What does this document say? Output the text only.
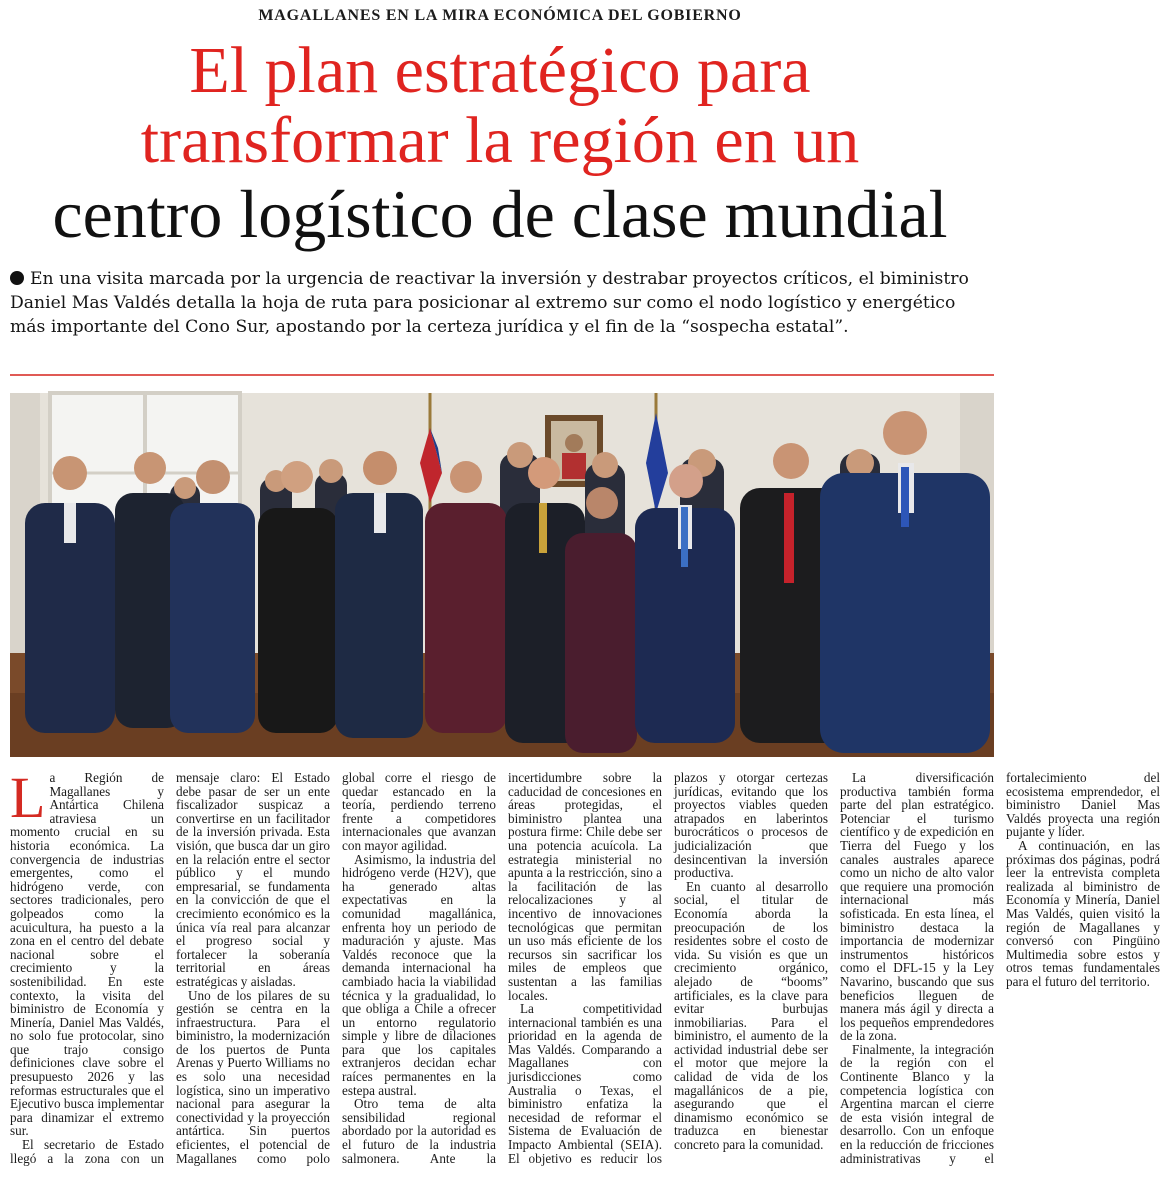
MAGALLANES EN LA MIRA ECONÓMICA DEL GOBIERNO
El plan estratégico para
transformar la región en un
centro logístico de clase mundial
En una visita marcada por la urgencia de reactivar la inversión y destrabar proyectos críticos, el biministro Daniel Mas Valdés detalla la hoja de ruta para posicionar al extremo sur como el nodo logístico y energético más importante del Cono Sur, apostando por la certeza jurídica y el fin de la “sospecha estatal”.

La Región de Magallanes y Antártica Chilena atraviesa un momento crucial en su historia económica. La convergencia de industrias emergentes, como el hidrógeno verde, con sectores tradicionales, pero golpeados como la acuicultura, ha puesto a la zona en el centro del debate nacional sobre el crecimiento y la sostenibilidad. En este contexto, la visita del biministro de Economía y Minería, Daniel Mas Valdés, no solo fue protocolar, sino que trajo consigo definiciones clave sobre el presupuesto 2026 y las reformas estructurales que el Ejecutivo busca implementar para dinamizar el extremo sur.

El secretario de Estado llegó a la zona con un mensaje claro: El Estado debe pasar de ser un ente fiscalizador suspicaz a convertirse en un facilitador de la inversión privada. Esta visión, que busca dar un giro en la relación entre el sector público y el mundo empresarial, se fundamenta en la convicción de que el crecimiento económico es la única vía real para alcanzar el progreso social y fortalecer la soberanía territorial en áreas estratégicas y aisladas.

Uno de los pilares de su gestión se centra en la infraestructura. Para el biministro, la modernización de los puertos de Punta Arenas y Puerto Williams no es solo una necesidad logística, sino un imperativo nacional para asegurar la conectividad y la proyección antártica. Sin puertos eficientes, el potencial de Magallanes como polo global corre el riesgo de quedar estancado en la teoría, perdiendo terreno frente a competidores internacionales que avanzan con mayor agilidad.

Asimismo, la industria del hidrógeno verde (H2V), que ha generado altas expectativas en la comunidad magallánica, enfrenta hoy un periodo de maduración y ajuste. Mas Valdés reconoce que la demanda internacional ha cambiado hacia la viabilidad técnica y la gradualidad, lo que obliga a Chile a ofrecer un entorno regulatorio simple y libre de dilaciones para que los capitales extranjeros decidan echar raíces permanentes en la estepa austral.

Otro tema de alta sensibilidad regional abordado por la autoridad es el futuro de la industria salmonera. Ante la incertidumbre sobre la caducidad de concesiones en áreas protegidas, el biministro plantea una postura firme: Chile debe ser una potencia acuícola. La estrategia ministerial no apunta a la restricción, sino a la facilitación de las relocalizaciones y al incentivo de innovaciones tecnológicas que permitan un uso más eficiente de los recursos sin sacrificar los miles de empleos que sustentan a las familias locales.

La competitividad internacional también es una prioridad en la agenda de Mas Valdés. Comparando a Magallanes con jurisdicciones como Australia o Texas, el biministro enfatiza la necesidad de reformar el Sistema de Evaluación de Impacto Ambiental (SEIA). El objetivo es reducir los plazos y otorgar certezas jurídicas, evitando que los proyectos viables queden atrapados en laberintos burocráticos o procesos de judicialización que desincentivan la inversión productiva.

En cuanto al desarrollo social, el titular de Economía aborda la preocupación de los residentes sobre el costo de vida. Su visión es que un crecimiento orgánico, alejado de “booms” artificiales, es la clave para evitar burbujas inmobiliarias. Para el biministro, el aumento de la actividad industrial debe ser el motor que mejore la calidad de vida de los magallánicos de a pie, asegurando que el dinamismo económico se traduzca en bienestar concreto para la comunidad.

La diversificación productiva también forma parte del plan estratégico. Potenciar el turismo científico y de expedición en Tierra del Fuego y los canales australes aparece como un nicho de alto valor que requiere una promoción internacional más sofisticada. En esta línea, el biministro destaca la importancia de modernizar instrumentos históricos como el DFL-15 y la Ley Navarino, buscando que sus beneficios lleguen de manera más ágil y directa a los pequeños emprendedores de la zona.

Finalmente, la integración de la región con el Continente Blanco y la competencia logística con Argentina marcan el cierre de esta visión integral de desarrollo. Con un enfoque en la reducción de fricciones administrativas y el fortalecimiento del ecosistema emprendedor, el biministro Daniel Mas Valdés proyecta una región pujante y líder.

A continuación, en las próximas dos páginas, podrá leer la entrevista completa realizada al biministro de Economía y Minería, Daniel Mas Valdés, quien visitó la región de Magallanes y conversó con Pingüino Multimedia sobre estos y otros temas fundamentales para el futuro del territorio.
